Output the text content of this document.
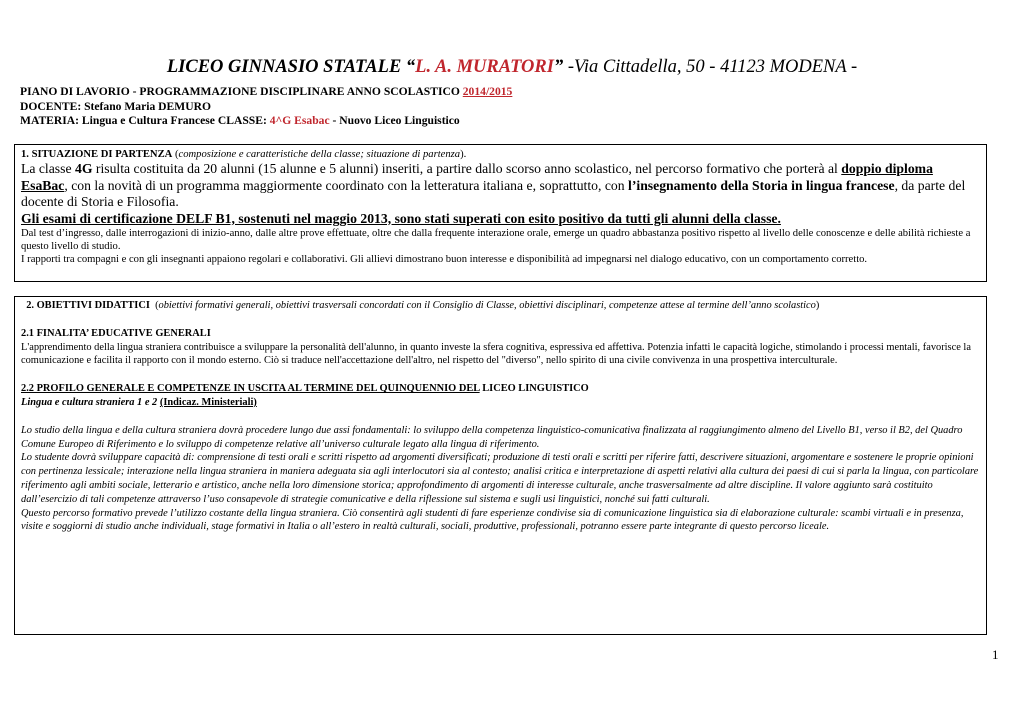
LICEO GINNASIO STATALE “L. A. MURATORI” -Via Cittadella, 50 - 41123 MODENA -
PIANO DI LAVORIO - PROGRAMMAZIONE DISCIPLINARE ANNO SCOLASTICO 2014/2015
DOCENTE: Stefano Maria DEMURO
MATERIA: Lingua e Cultura Francese CLASSE: 4^G Esabac - Nuovo Liceo Linguistico
1. SITUAZIONE DI PARTENZA (composizione e caratteristiche della classe; situazione di partenza).

La classe 4G risulta costituita da 20 alunni (15 alunne e 5 alunni) inseriti, a partire dallo scorso anno scolastico, nel percorso formativo che porterà al doppio diploma EsaBac, con la novità di un programma maggiormente coordinato con la letteratura italiana e, soprattutto, con l’insegnamento della Storia in lingua francese, da parte del docente di Storia e Filosofia.

Gli esami di certificazione DELF B1, sostenuti nel maggio 2013, sono stati superati con esito positivo da tutti gli alunni della classe.

Dal test d’ingresso, dalle interrogazioni di inizio-anno, dalle altre prove effettuate, oltre che dalla frequente interazione orale, emerge un quadro abbastanza positivo rispetto al livello delle conoscenze e delle abilità richieste a questo livello di studio.

I rapporti tra compagni e con gli insegnanti appaiono regolari e collaborativi. Gli allievi dimostrano buon interesse e disponibilità ad impegnarsi nel dialogo educativo, con un comportamento corretto.

2. OBIETTIVI DIDATTICI  (obiettivi formativi generali, obiettivi trasversali concordati con il Consiglio di Classe, obiettivi disciplinari, competenze attese al termine dell’anno scolastico)
2.1 FINALITA’ EDUCATIVE GENERALI

L'apprendimento della lingua straniera contribuisce a sviluppare la personalità dell'alunno, in quanto investe la sfera cognitiva, espressiva ed affettiva. Potenzia infatti le capacità logiche, stimolando i processi mentali, favorisce la comunicazione e facilita il rapporto con il mondo esterno. Ciò si traduce nell'accettazione dell'altro, nel rispetto del "diverso", nello spirito di una civile convivenza in una prospettiva interculturale.

2.2 PROFILO GENERALE E COMPETENZE IN USCITA AL TERMINE DEL QUINQUENNIO DEL LICEO LINGUISTICO
Lingua e cultura straniera 1 e 2 (Indicaz. Ministeriali)

Lo studio della lingua e della cultura straniera dovrà procedere lungo due assi fondamentali: lo sviluppo della competenza linguistico-comunicativa finalizzata al raggiungimento almeno del Livello B1, verso il B2, del Quadro Comune Europeo di Riferimento e lo sviluppo di competenze relative all’universo culturale legato alla lingua di riferimento.

Lo studente dovrà sviluppare capacità di: comprensione di testi orali e scritti rispetto ad argomenti diversificati; produzione di testi orali e scritti per riferire fatti, descrivere situazioni, argomentare e sostenere le proprie opinioni con pertinenza lessicale; interazione nella lingua straniera in maniera adeguata sia agli interlocutori sia al contesto; analisi critica e interpretazione di aspetti relativi alla cultura dei paesi di cui si parla la lingua, con particolare riferimento agli ambiti sociale, letterario e artistico, anche nella loro dimensione storica; approfondimento di argomenti di interesse culturale, anche trasversalmente ad altre discipline. Il valore aggiunto sarà costituito dall’esercizio di tali competenze attraverso l’uso consapevole di strategie comunicative e della riflessione sul sistema e sugli usi linguistici, nonché sui fatti culturali.

Questo percorso formativo prevede l’utilizzo costante della lingua straniera. Ciò consentirà agli studenti di fare esperienze condivise sia di comunicazione linguistica sia di elaborazione culturale: scambi virtuali e in presenza, visite e soggiorni di studio anche individuali, stage formativi in Italia o all’estero in realtà culturali, sociali, produttive, professionali, potranno essere parte integrante di questo percorso liceale.

1
